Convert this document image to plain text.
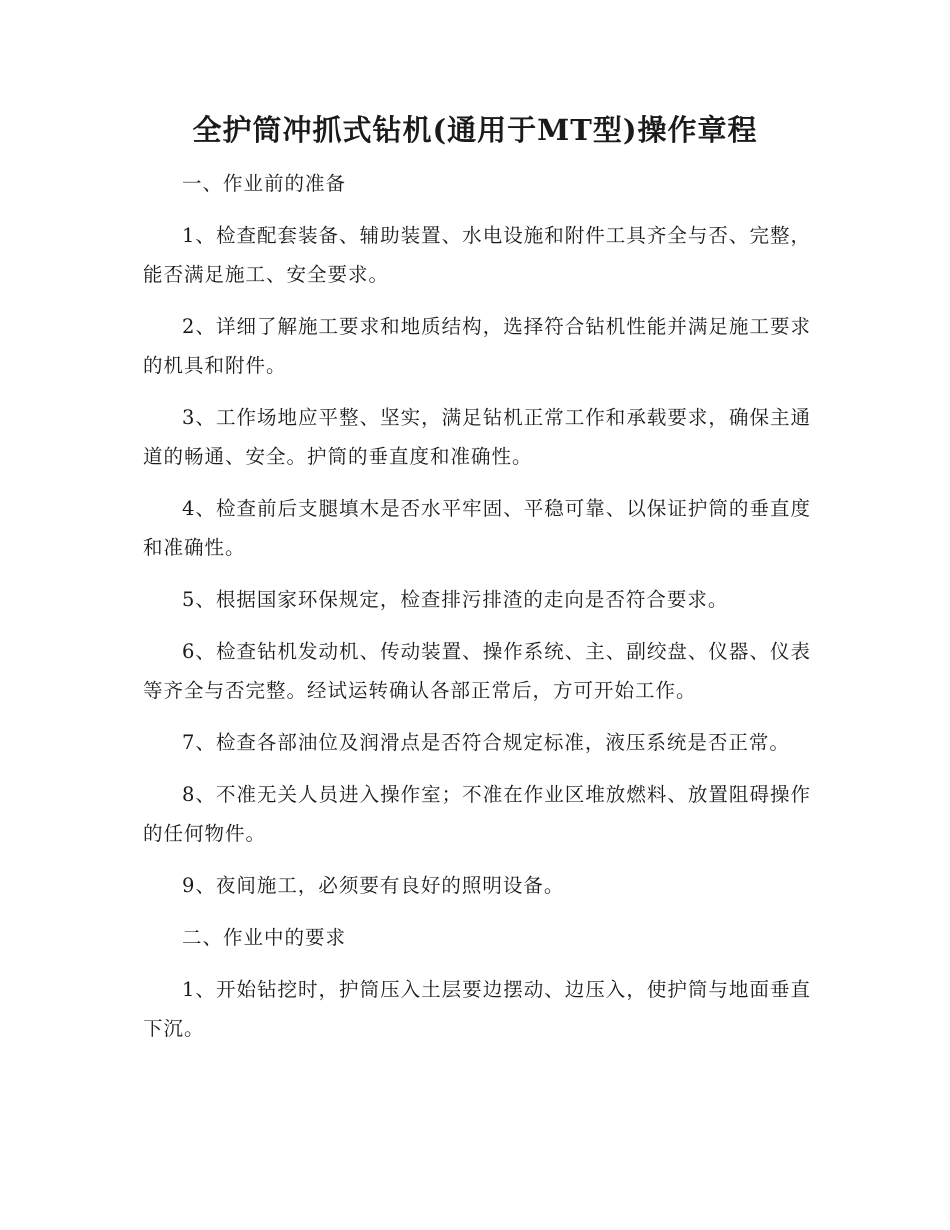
全护筒冲抓式钻机(通用于MT型)操作章程

一、作业前的准备

1、检查配套装备、辅助装置、水电设施和附件工具齐全与否、完整，能否满足施工、安全要求。

2、详细了解施工要求和地质结构，选择符合钻机性能并满足施工要求的机具和附件。

3、工作场地应平整、坚实，满足钻机正常工作和承载要求，确保主通道的畅通、安全。护筒的垂直度和准确性。

4、检查前后支腿填木是否水平牢固、平稳可靠、以保证护筒的垂直度和准确性。

5、根据国家环保规定，检查排污排渣的走向是否符合要求。

6、检查钻机发动机、传动装置、操作系统、主、副绞盘、仪器、仪表等齐全与否完整。经试运转确认各部正常后，方可开始工作。

7、检查各部油位及润滑点是否符合规定标准，液压系统是否正常。

8、不准无关人员进入操作室；不准在作业区堆放燃料、放置阻碍操作的任何物件。

9、夜间施工，必须要有良好的照明设备。

二、作业中的要求

1、开始钻挖时，护筒压入土层要边摆动、边压入，使护筒与地面垂直下沉。
